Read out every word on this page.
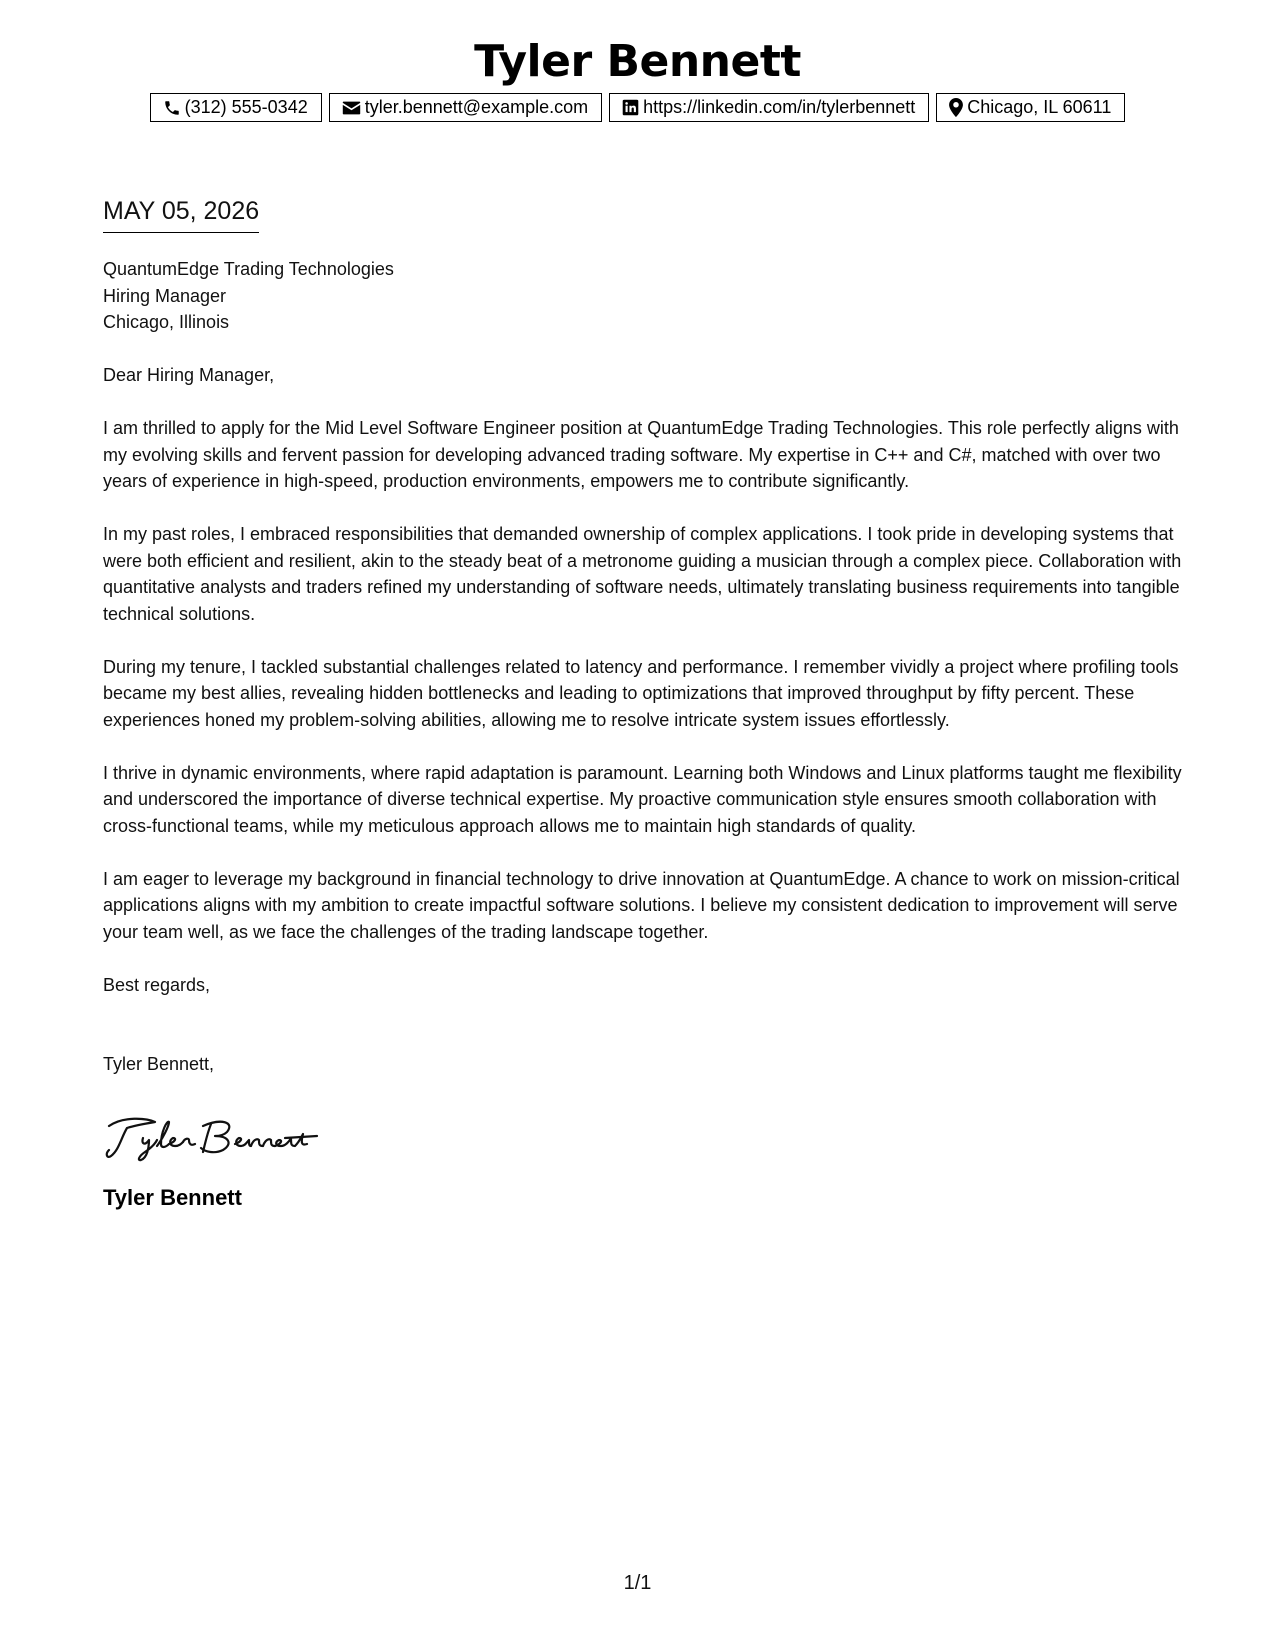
Tyler Bennett
(312) 555-0342	tyler.bennett@example.com	https://linkedin.com/in/tylerbennett	Chicago, IL 60611
MAY 05, 2026
QuantumEdge Trading Technologies
Hiring Manager
Chicago, Illinois

Dear Hiring Manager,

I am thrilled to apply for the Mid Level Software Engineer position at QuantumEdge Trading Technologies. This role perfectly aligns with my evolving skills and fervent passion for developing advanced trading software. My expertise in C++ and C#, matched with over two years of experience in high-speed, production environments, empowers me to contribute significantly.

In my past roles, I embraced responsibilities that demanded ownership of complex applications. I took pride in developing systems that were both efficient and resilient, akin to the steady beat of a metronome guiding a musician through a complex piece. Collaboration with quantitative analysts and traders refined my understanding of software needs, ultimately translating business requirements into tangible technical solutions.

During my tenure, I tackled substantial challenges related to latency and performance. I remember vividly a project where profiling tools became my best allies, revealing hidden bottlenecks and leading to optimizations that improved throughput by fifty percent. These experiences honed my problem-solving abilities, allowing me to resolve intricate system issues effortlessly.

I thrive in dynamic environments, where rapid adaptation is paramount. Learning both Windows and Linux platforms taught me flexibility and underscored the importance of diverse technical expertise. My proactive communication style ensures smooth collaboration with cross-functional teams, while my meticulous approach allows me to maintain high standards of quality.

I am eager to leverage my background in financial technology to drive innovation at QuantumEdge. A chance to work on mission-critical applications aligns with my ambition to create impactful software solutions. I believe my consistent dedication to improvement will serve your team well, as we face the challenges of the trading landscape together.

Best regards,
Tyler Bennett,
Tyler Bennett
1/1
